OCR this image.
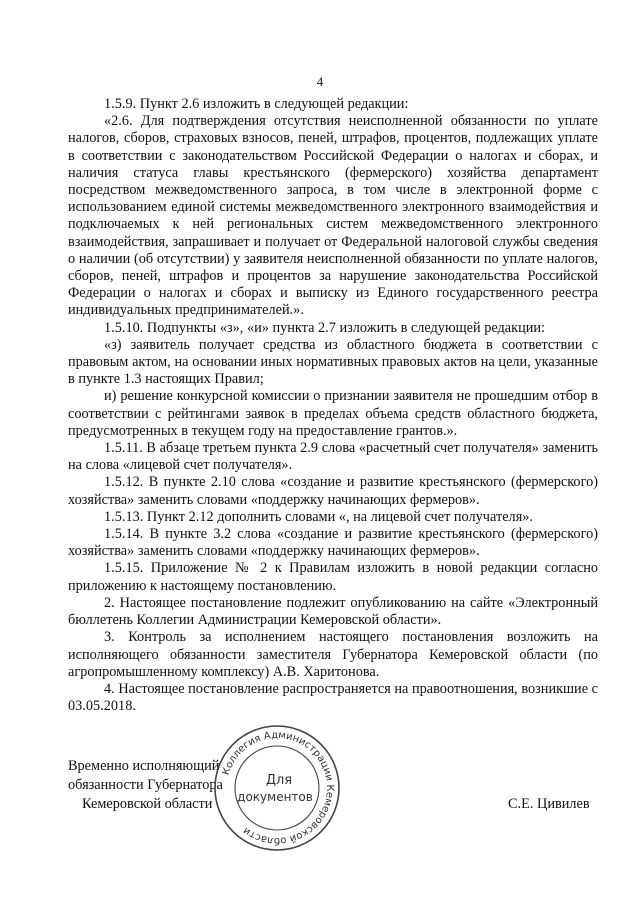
4

1.5.9. Пункт 2.6 изложить в следующей редакции:

«2.6. Для подтверждения отсутствия неисполненной обязанности по уплате налогов, сборов, страховых взносов, пеней, штрафов, процентов, подлежащих уплате в соответствии с законодательством Российской Федерации о налогах и сборах, и наличия статуса главы крестьянского (фермерского) хозяйства департамент посредством межведомственного запроса, в том числе в электронной форме с использованием единой системы межведомственного электронного взаимодействия и подключаемых к ней региональных систем межведомственного электронного взаимодействия, запрашивает и получает от Федеральной налоговой службы сведения о наличии (об отсутствии) у заявителя неисполненной обязанности по уплате налогов, сборов, пеней, штрафов и процентов за нарушение законодательства Российской Федерации о налогах и сборах и выписку из Единого государственного реестра индивидуальных предпринимателей.».

1.5.10. Подпункты «з», «и» пункта 2.7 изложить в следующей редакции:

«з) заявитель получает средства из областного бюджета в соответствии с правовым актом, на основании иных нормативных правовых актов на цели, указанные в пункте 1.3 настоящих Правил;

и) решение конкурсной комиссии о признании заявителя не прошедшим отбор в соответствии с рейтингами заявок в пределах объема средств областного бюджета, предусмотренных в текущем году на предоставление грантов.».

1.5.11. В абзаце третьем пункта 2.9 слова «расчетный счет получателя» заменить на слова «лицевой счет получателя».

1.5.12. В пункте 2.10 слова «создание и развитие крестьянского (фермерского) хозяйства» заменить словами «поддержку начинающих фермеров».

1.5.13. Пункт 2.12 дополнить словами «, на лицевой счет получателя».

1.5.14. В пункте 3.2 слова «создание и развитие крестьянского (фермерского) хозяйства» заменить словами «поддержку начинающих фермеров».

1.5.15. Приложение № 2 к Правилам изложить в новой редакции согласно приложению к настоящему постановлению.

2. Настоящее постановление подлежит опубликованию на сайте «Электронный бюллетень Коллегии Администрации Кемеровской области».

3. Контроль за исполнением настоящего постановления возложить на исполняющего обязанности заместителя Губернатора Кемеровской области (по агропромышленному комплексу) А.В. Харитонова.

4. Настоящее постановление распространяется на правоотношения, возникшие с 03.05.2018.

Временно исполняющий
обязанности Губернатора
Кемеровской области	С.Е. Цивилев
Коллегия Администрации Кемеровской области
Для
документов
